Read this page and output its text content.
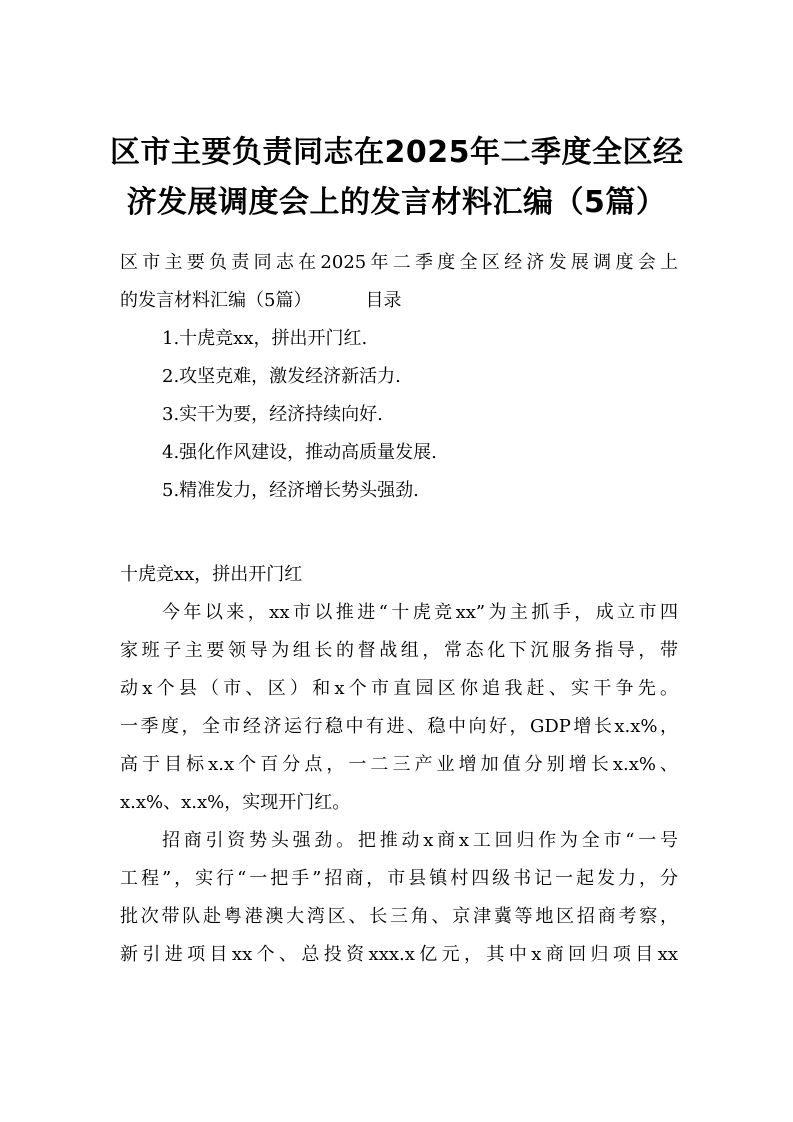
区市主要负责同志在2025年二季度全区经
济发展调度会上的发言材料汇编（5篇）
区市主要负责同志在2025年二季度全区经济发展调度会上
的发言材料汇编（5篇）	目录
1.十虎竞xx，拼出开门红.
2.攻坚克难，激发经济新活力.
3.实干为要，经济持续向好.
4.强化作风建设，推动高质量发展.
5.精准发力，经济增长势头强劲.
十虎竞xx，拼出开门红
今年以来，xx市以推进“十虎竞xx”为主抓手，成立市四
家班子主要领导为组长的督战组，常态化下沉服务指导，带
动x个县（市、区）和x个市直园区你追我赶、实干争先。
一季度，全市经济运行稳中有进、稳中向好，GDP增长x.x%，
高于目标x.x个百分点，一二三产业增加值分别增长x.x%、
x.x%、x.x%，实现开门红。
招商引资势头强劲。把推动x商x工回归作为全市“一号
工程”，实行“一把手”招商，市县镇村四级书记一起发力，分
批次带队赴粤港澳大湾区、长三角、京津冀等地区招商考察，
新引进项目xx个、总投资xxx.x亿元，其中x商回归项目xx
